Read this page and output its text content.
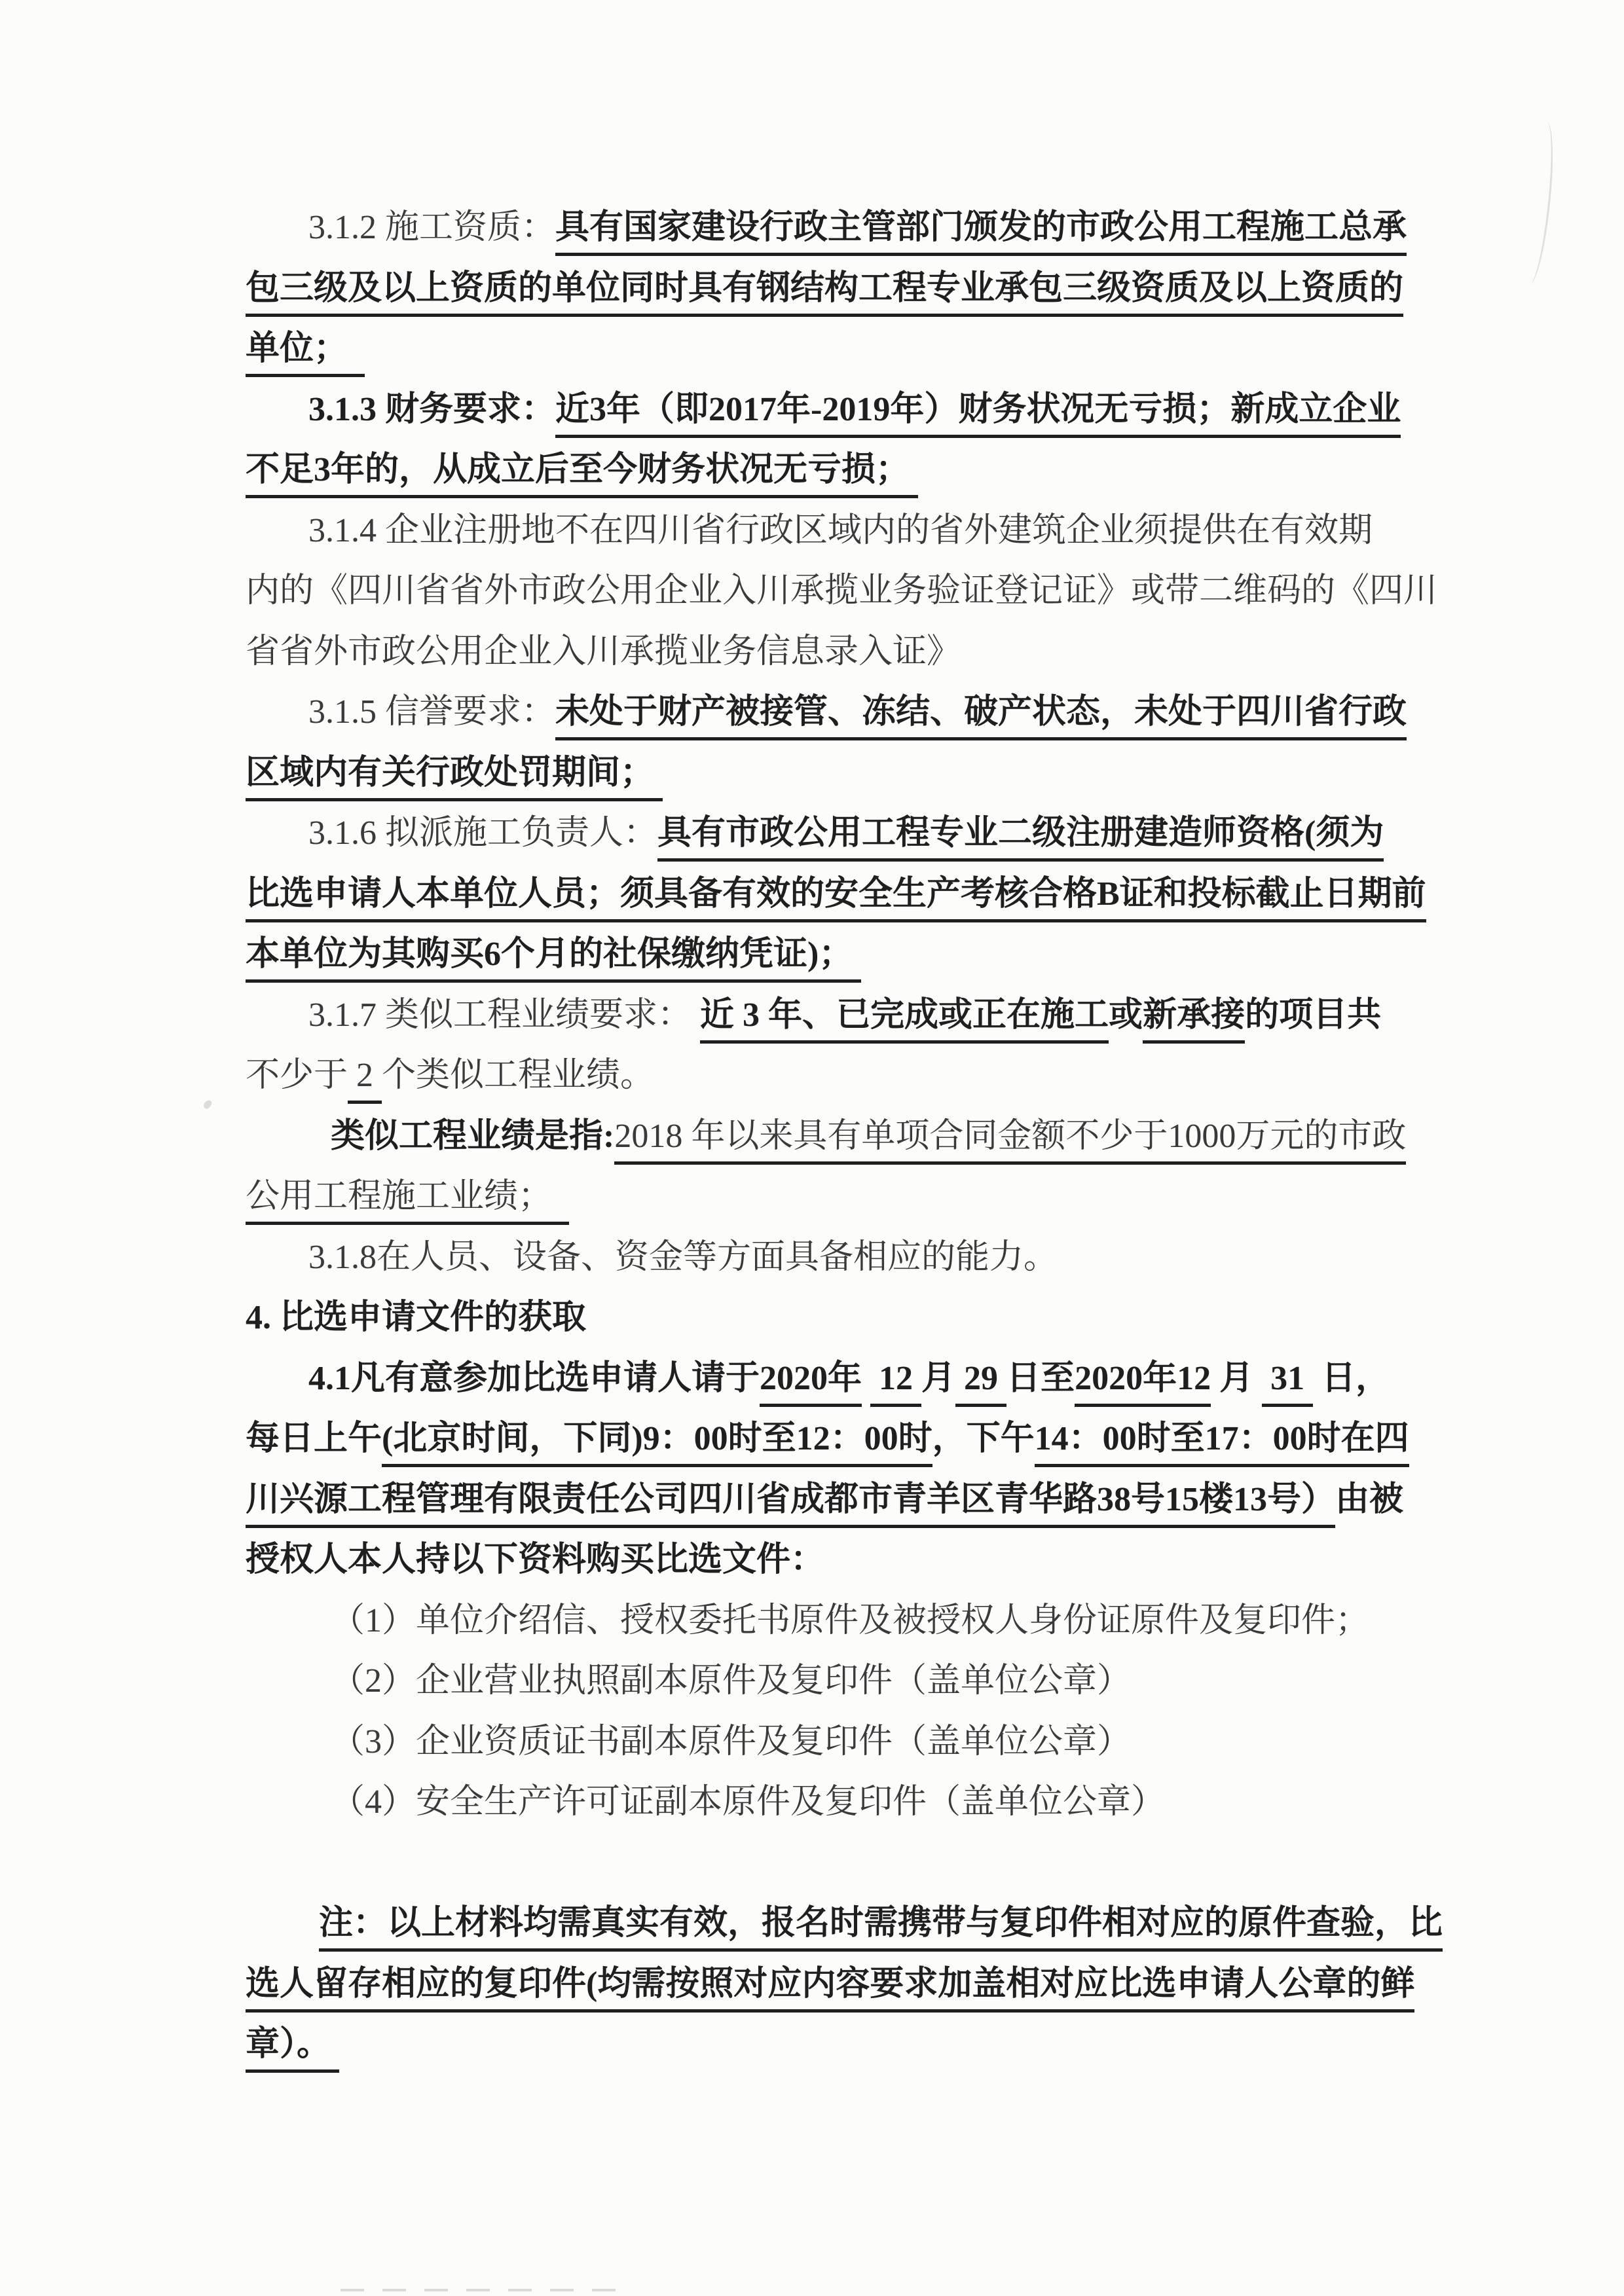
3.1.2 施工资质：具有国家建设行政主管部门颁发的市政公用工程施工总承
包三级及以上资质的单位同时具有钢结构工程专业承包三级资质及以上资质的
单位；
3.1.3 财务要求：近3年（即2017年-2019年）财务状况无亏损；新成立企业
不足3年的，从成立后至今财务状况无亏损；
3.1.4 企业注册地不在四川省行政区域内的省外建筑企业须提供在有效期
内的《四川省省外市政公用企业入川承揽业务验证登记证》或带二维码的《四川
省省外市政公用企业入川承揽业务信息录入证》
3.1.5 信誉要求：未处于财产被接管、冻结、破产状态，未处于四川省行政
区域内有关行政处罚期间；
3.1.6 拟派施工负责人：具有市政公用工程专业二级注册建造师资格(须为
比选申请人本单位人员；须具备有效的安全生产考核合格B证和投标截止日期前
本单位为其购买6个月的社保缴纳凭证)；
3.1.7 类似工程业绩要求： 近 3 年、已完成或正在施工或新承接的项目共
不少于 2 个类似工程业绩。
类似工程业绩是指:2018 年以来具有单项合同金额不少于1000万元的市政
公用工程施工业绩；
3.1.8在人员、设备、资金等方面具备相应的能力。
4. 比选申请文件的获取
4.1凡有意参加比选申请人请于2020年  12 月 29 日至2020年12 月  31  日，
每日上午(北京时间，下同)9：00时至12：00时，下午14：00时至17：00时在四
川兴源工程管理有限责任公司四川省成都市青羊区青华路38号15楼13号）由被
授权人本人持以下资料购买比选文件：
（1）单位介绍信、授权委托书原件及被授权人身份证原件及复印件；
（2）企业营业执照副本原件及复印件（盖单位公章）
（3）企业资质证书副本原件及复印件（盖单位公章）
（4）安全生产许可证副本原件及复印件（盖单位公章）
注：以上材料均需真实有效，报名时需携带与复印件相对应的原件查验，比
选人留存相应的复印件(均需按照对应内容要求加盖相对应比选申请人公章的鲜
章）。
